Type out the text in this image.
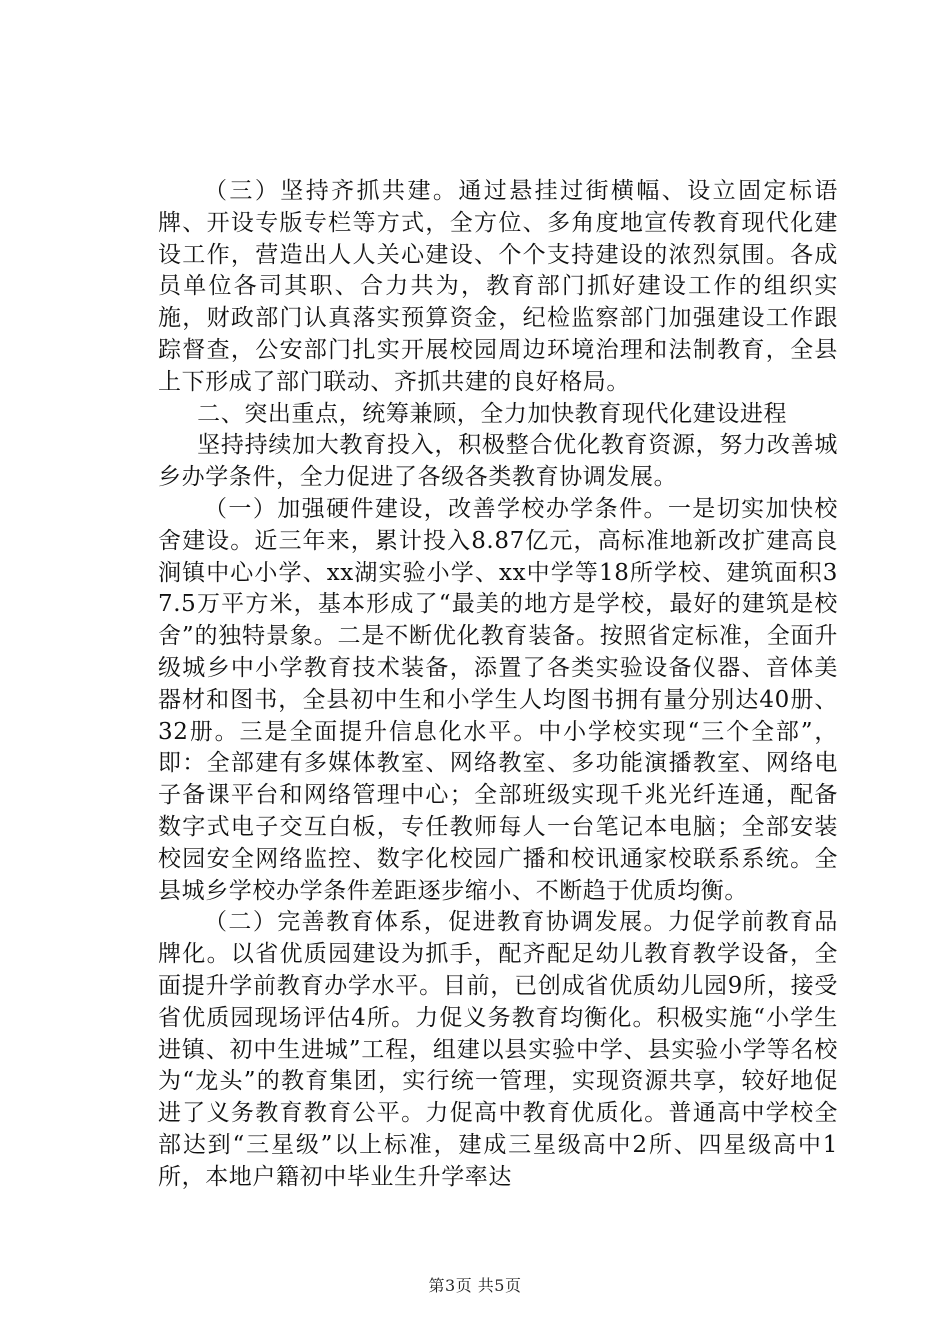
（三）坚持齐抓共建。通过悬挂过街横幅、设立固定标语牌、开设专版专栏等方式，全方位、多角度地宣传教育现代化建设工作，营造出人人关心建设、个个支持建设的浓烈氛围。各成员单位各司其职、合力共为，教育部门抓好建设工作的组织实施，财政部门认真落实预算资金，纪检监察部门加强建设工作跟踪督查，公安部门扎实开展校园周边环境治理和法制教育，全县上下形成了部门联动、齐抓共建的良好格局。

二、突出重点，统筹兼顾，全力加快教育现代化建设进程

坚持持续加大教育投入，积极整合优化教育资源，努力改善城乡办学条件，全力促进了各级各类教育协调发展。

（一）加强硬件建设，改善学校办学条件。一是切实加快校舍建设。近三年来，累计投入8.87亿元，高标准地新改扩建高良涧镇中心小学、xx湖实验小学、xx中学等18所学校、建筑面积37.5万平方米，基本形成了“最美的地方是学校，最好的建筑是校舍”的独特景象。二是不断优化教育装备。按照省定标准，全面升级城乡中小学教育技术装备，添置了各类实验设备仪器、音体美器材和图书，全县初中生和小学生人均图书拥有量分别达40册、32册。三是全面提升信息化水平。中小学校实现“三个全部”，即：全部建有多媒体教室、网络教室、多功能演播教室、网络电子备课平台和网络管理中心；全部班级实现千兆光纤连通，配备数字式电子交互白板，专任教师每人一台笔记本电脑；全部安装校园安全网络监控、数字化校园广播和校讯通家校联系系统。全县城乡学校办学条件差距逐步缩小、不断趋于优质均衡。

（二）完善教育体系，促进教育协调发展。力促学前教育品牌化。以省优质园建设为抓手，配齐配足幼儿教育教学设备，全面提升学前教育办学水平。目前，已创成省优质幼儿园9所，接受省优质园现场评估4所。力促义务教育均衡化。积极实施“小学生进镇、初中生进城”工程，组建以县实验中学、县实验小学等名校为“龙头”的教育集团，实行统一管理，实现资源共享，较好地促进了义务教育教育公平。力促高中教育优质化。普通高中学校全部达到“三星级”以上标准，建成三星级高中2所、四星级高中1所，本地户籍初中毕业生升学率达

第3页 共5页
